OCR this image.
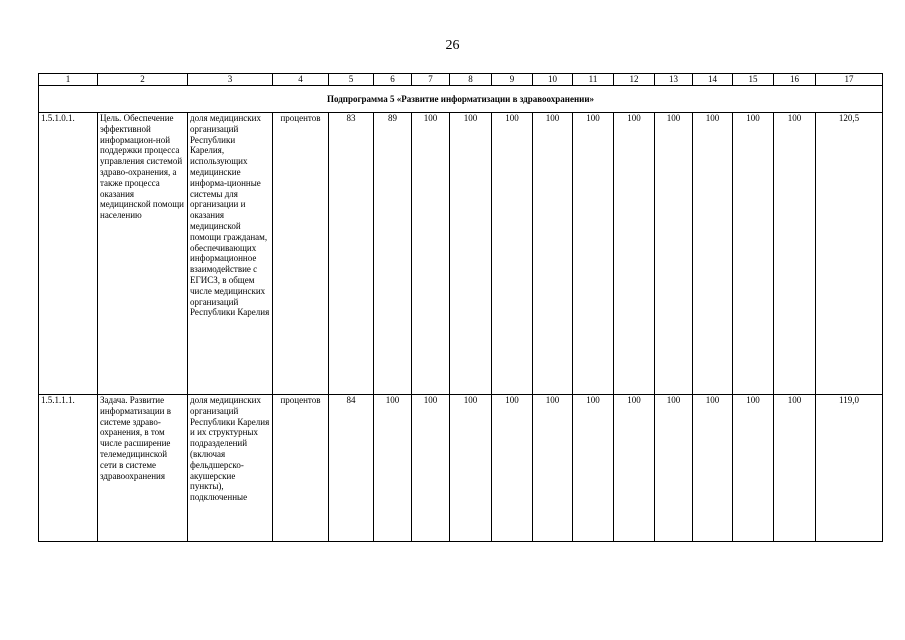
26
1	2	3	4	5	6	7	8	9	10	11	12	13	14	15	16	17
Подпрограмма 5 «Развитие информатизации в здравоохранении»																
1.5.1.0.1.	Цель. Обеспечение эффективной информацион-ной поддержки процесса управления системой здраво-охранения, а также процесса оказания медицинской помощи населению	доля медицинских организаций Республики Карелия, использующих медицинские информа-ционные системы для организации и оказания медицинской помощи гражданам, обеспечивающих информационное взаимодействие с ЕГИСЗ, в общем числе медицинских организаций Республики Карелия	процентов	83	89	100	100	100	100	100	100	100	100	100	100	120,5
1.5.1.1.1.	Задача. Развитие информатизации в системе здраво-охранения, в том числе расширение телемедицинской сети в системе здравоохранения	доля медицинских организаций Республики Карелия и их структурных подразделений (включая фельдшерско-акушерские пункты), подключенные	процентов	84	100	100	100	100	100	100	100	100	100	100	100	119,0
